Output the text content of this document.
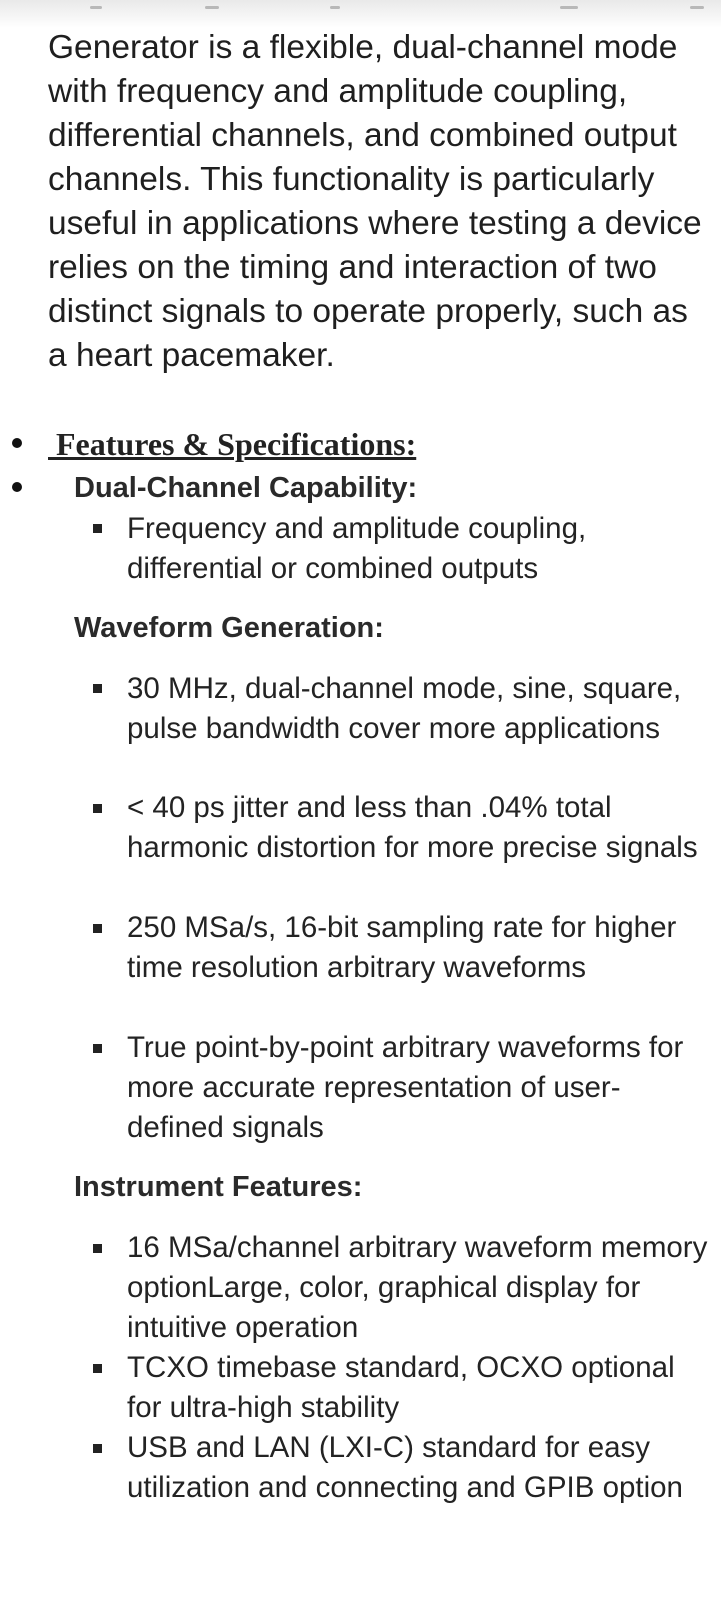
Generator is a flexible, dual-channel mode with frequency and amplitude coupling, differential channels, and combined output channels. This functionality is particularly useful in applications where testing a device relies on the timing and interaction of two distinct signals to operate properly, such as a heart pacemaker.

Features & Specifications:
Dual-Channel Capability:
Frequency and amplitude coupling, differential or combined outputs
Waveform Generation:
30 MHz, dual-channel mode, sine, square, pulse bandwidth cover more applications
< 40 ps jitter and less than .04% total harmonic distortion for more precise signals
250 MSa/s, 16-bit sampling rate for higher time resolution arbitrary waveforms
True point-by-point arbitrary waveforms for more accurate representation of user-defined signals
Instrument Features:
16 MSa/channel arbitrary waveform memory optionLarge, color, graphical display for intuitive operation
TCXO timebase standard, OCXO optional for ultra-high stability
USB and LAN (LXI-C) standard for easy utilization and connecting and GPIB option
